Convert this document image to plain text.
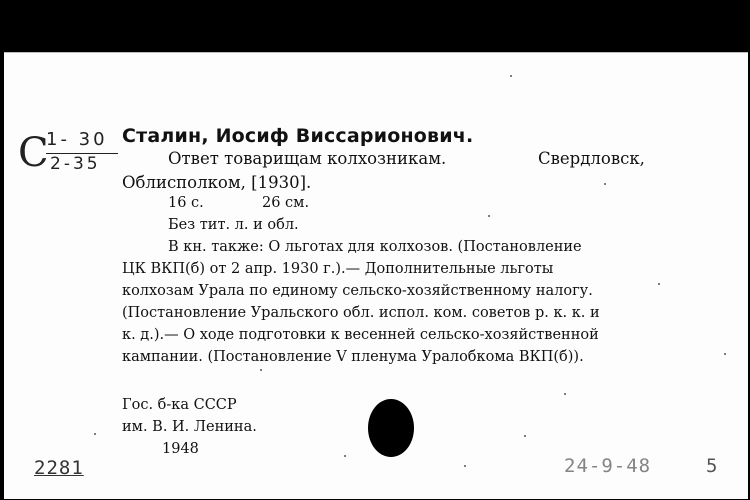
C
1- 30
2-35
Сталин, Иосиф Виссарионович.
Ответ товарищам колхозникам.	Свердловск,
Облисполком, [1930].
16 с.	26 см.
Без тит. л. и обл.
В кн. также: О льготах для колхозов. (Постановление
ЦК ВКП(б) от 2 апр. 1930 г.).— Дополнительные льготы
колхозам Урала по единому сельско-хозяйственному налогу.
(Постановление Уральского обл. испол. ком. советов р. к. к. и
к. д.).— О ходе подготовки к весенней сельско-хозяйственной
кампании. (Постановление V пленума Уралобкома ВКП(б)).
Гос. б-ка СССР
им. В. И. Ленина.
1948
2281	24-9-48	5
